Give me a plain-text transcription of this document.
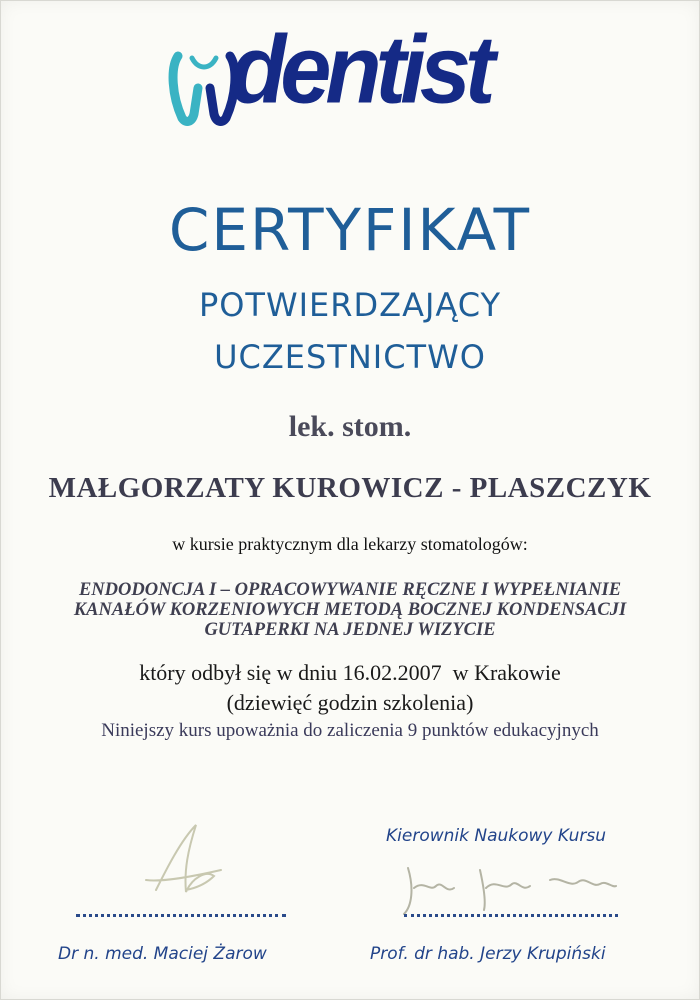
dentist
CERTYFIKAT
POTWIERDZAJĄCY
UCZESTNICTWO
lek. stom.
MAŁGORZATY KUROWICZ - PLASZCZYK
w kursie praktycznym dla lekarzy stomatologów:
ENDODONCJA I – OPRACOWYWANIE RĘCZNE I WYPEŁNIANIE
KANAŁÓW KORZENIOWYCH METODĄ BOCZNEJ KONDENSACJI
GUTAPERKI NA JEDNEJ WIZYCIE
który odbył się w dniu 16.02.2007  w Krakowie
(dziewięć godzin szkolenia)
Niniejszy kurs upoważnia do zaliczenia 9 punktów edukacyjnych
Kierownik Naukowy Kursu
Dr n. med. Maciej Żarow	Prof. dr hab. Jerzy Krupiński
